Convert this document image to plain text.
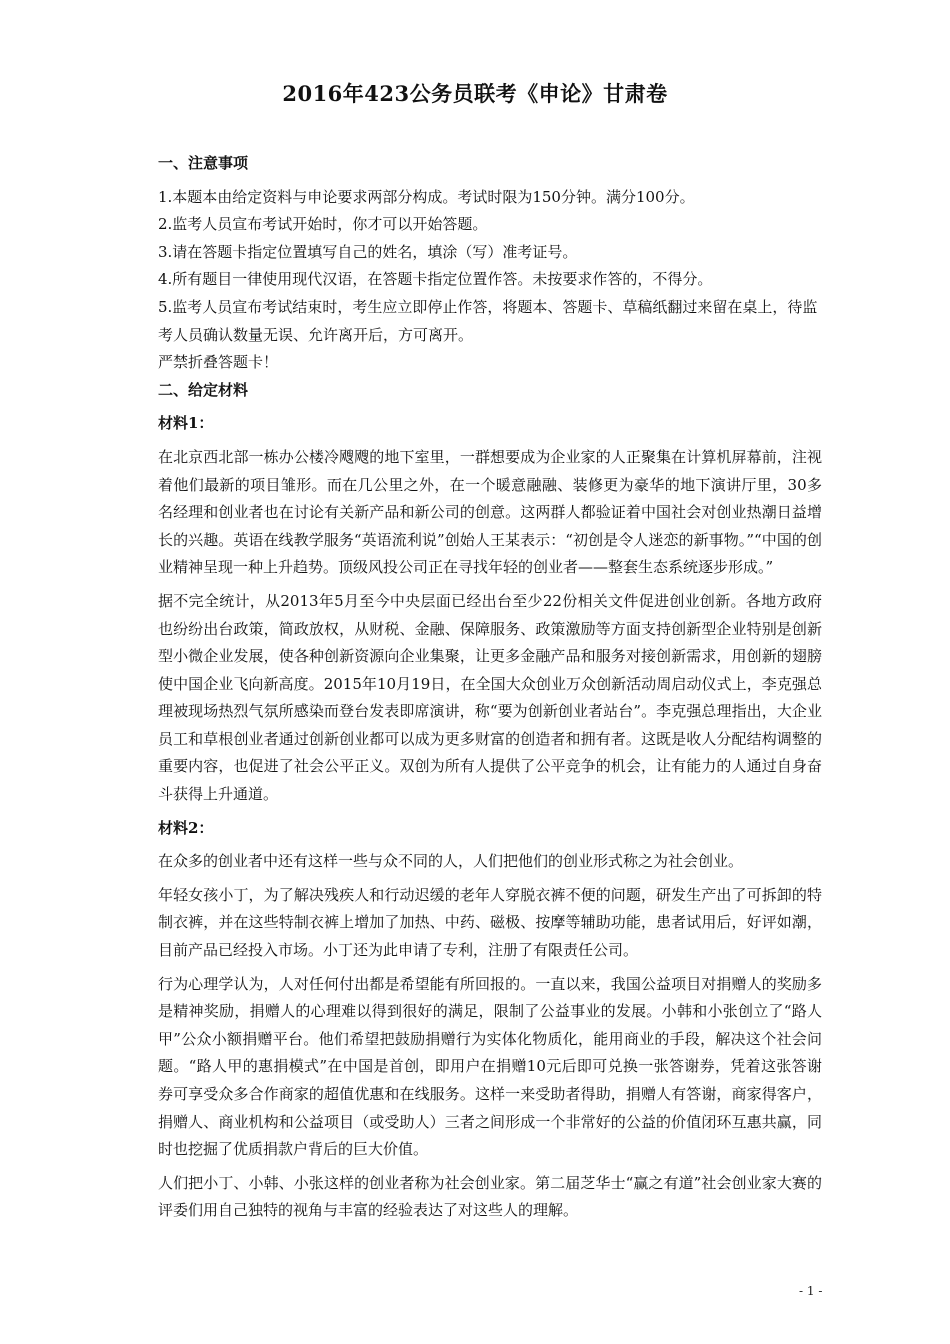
2016年423公务员联考《申论》甘肃卷

一、注意事项

1.本题本由给定资料与申论要求两部分构成。考试时限为150分钟。满分100分。

2.监考人员宣布考试开始时，你才可以开始答题。

3.请在答题卡指定位置填写自己的姓名，填涂（写）准考证号。

4.所有题目一律使用现代汉语，在答题卡指定位置作答。未按要求作答的，不得分。

5.监考人员宣布考试结束时，考生应立即停止作答，将题本、答题卡、草稿纸翻过来留在桌上，待监考人员确认数量无误、允许离开后，方可离开。

严禁折叠答题卡！

二、给定材料

材料1：

在北京西北部一栋办公楼冷飕飕的地下室里，一群想要成为企业家的人正聚集在计算机屏幕前，注视着他们最新的项目雏形。而在几公里之外，在一个暖意融融、装修更为豪华的地下演讲厅里，30多名经理和创业者也在讨论有关新产品和新公司的创意。这两群人都验证着中国社会对创业热潮日益增长的兴趣。英语在线教学服务“英语流利说”创始人王某表示：“初创是令人迷恋的新事物。”“中国的创业精神呈现一种上升趋势。顶级风投公司正在寻找年轻的创业者——整套生态系统逐步形成。”

据不完全统计，从2013年5月至今中央层面已经出台至少22份相关文件促进创业创新。各地方政府也纷纷出台政策，简政放权，从财税、金融、保障服务、政策激励等方面支持创新型企业特别是创新型小微企业发展，使各种创新资源向企业集聚，让更多金融产品和服务对接创新需求，用创新的翅膀使中国企业飞向新高度。2015年10月19日，在全国大众创业万众创新活动周启动仪式上，李克强总理被现场热烈气氛所感染而登台发表即席演讲，称“要为创新创业者站台”。李克强总理指出，大企业员工和草根创业者通过创新创业都可以成为更多财富的创造者和拥有者。这既是收人分配结构调整的重要内容，也促进了社会公平正义。双创为所有人提供了公平竞争的机会，让有能力的人通过自身奋斗获得上升通道。

材料2：

在众多的创业者中还有这样一些与众不同的人，人们把他们的创业形式称之为社会创业。

年轻女孩小丁，为了解决残疾人和行动迟缓的老年人穿脱衣裤不便的问题，研发生产出了可拆卸的特制衣裤，并在这些特制衣裤上增加了加热、中药、磁极、按摩等辅助功能，患者试用后，好评如潮，目前产品已经投入市场。小丁还为此申请了专利，注册了有限责任公司。

行为心理学认为，人对任何付出都是希望能有所回报的。一直以来，我国公益项目对捐赠人的奖励多是精神奖励，捐赠人的心理难以得到很好的满足，限制了公益事业的发展。小韩和小张创立了“路人甲”公众小额捐赠平台。他们希望把鼓励捐赠行为实体化物质化，能用商业的手段，解决这个社会问题。“路人甲的惠捐模式”在中国是首创，即用户在捐赠10元后即可兑换一张答谢券，凭着这张答谢券可享受众多合作商家的超值优惠和在线服务。这样一来受助者得助，捐赠人有答谢，商家得客户，捐赠人、商业机构和公益项目（或受助人）三者之间形成一个非常好的公益的价值闭环互惠共赢，同时也挖掘了优质捐款户背后的巨大价值。

人们把小丁、小韩、小张这样的创业者称为社会创业家。第二届芝华士“赢之有道”社会创业家大赛的评委们用自己独特的视角与丰富的经验表达了对这些人的理解。

- 1 -
